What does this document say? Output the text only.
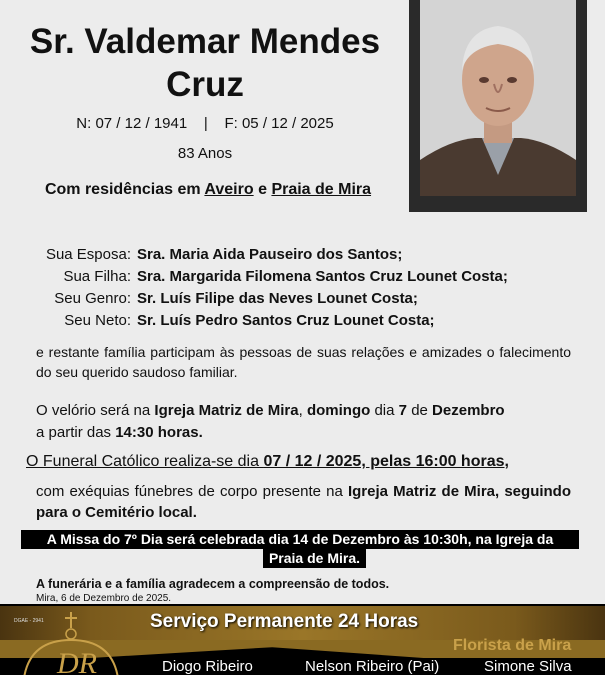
Sr. Valdemar Mendes
Cruz
N: 07 / 12 / 1941 | F: 05 / 12 / 2025
83 Anos
Com residências em Aveiro e Praia de Mira
Sua Esposa: Sra. Maria Aida Pauseiro dos Santos;
Sua Filha: Sra. Margarida Filomena Santos Cruz Lounet Costa;
Seu Genro: Sr. Luís Filipe das Neves Lounet Costa;
Seu Neto: Sr. Luís Pedro Santos Cruz Lounet Costa;
e restante família participam às pessoas de suas relações e amizades o falecimento do seu querido saudoso familiar.
O velório será na Igreja Matriz de Mira, domingo dia 7 de Dezembro
a partir das 14:30 horas.
O Funeral Católico realiza-se dia 07 / 12 / 2025, pelas 16:00 horas,
com exéquias fúnebres de corpo presente na Igreja Matriz de Mira, seguindo para o Cemitério local.
A Missa do 7º Dia será celebrada dia 14 de Dezembro às 10:30h, na Igreja da
Praia de Mira.
A funerária e a família agradecem a compreensão de todos.
Mira, 6 de Dezembro de 2025.
DGAE - 2941
DR
Serviço Permanente 24 Horas
Florista de Mira
Diogo Ribeiro	Nelson Ribeiro (Pai)	Simone Silva
